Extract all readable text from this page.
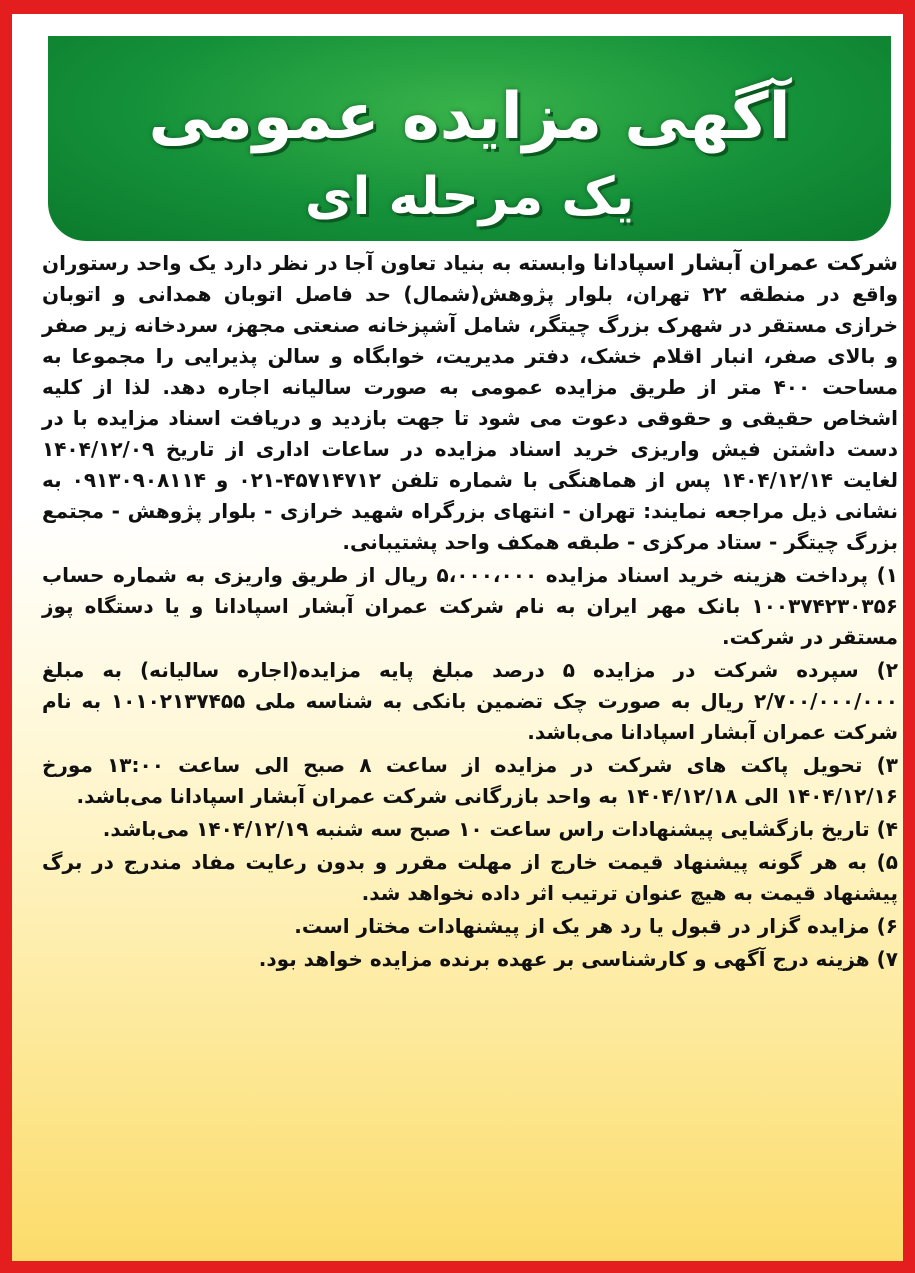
آگهی مزایده عمومی
یک مرحله ای

شرکت عمران آبشار اسپادانا وابسته به بنیاد تعاون آجا در نظر دارد یک واحد رستوران واقع در منطقه ۲۲ تهران، بلوار پژوهش(شمال) حد فاصل اتوبان همدانی و اتوبان خرازی مستقر در شهرک بزرگ چیتگر، شامل آشپزخانه صنعتی مجهز، سردخانه زیر صفر و بالای صفر، انبار اقلام خشک، دفتر مدیریت، خوابگاه و سالن پذیرایی را مجموعا به مساحت ۴۰۰ متر از طریق مزایده عمومی به صورت سالیانه اجاره دهد. لذا از کلیه اشخاص حقیقی و حقوقی دعوت می شود تا جهت بازدید و دریافت اسناد مزایده با در دست داشتن فیش واریزی خرید اسناد مزایده در ساعات اداری از تاریخ ۱۴۰۴/۱۲/۰۹ لغایت ۱۴۰۴/۱۲/۱۴ پس از هماهنگی با شماره تلفن ۴۵۷۱۴۷۱۲-۰۲۱ و ۰۹۱۳۰۹۰۸۱۱۴ به نشانی ذیل مراجعه نمایند: تهران - انتهای بزرگراه شهید خرازی - بلوار پژوهش - مجتمع بزرگ چیتگر - ستاد مرکزی - طبقه همکف واحد پشتیبانی.

۱) پرداخت هزینه خرید اسناد مزایده ۵،۰۰۰،۰۰۰ ریال از طریق واریزی به شماره حساب ۱۰۰۳۷۴۲۳۰۳۵۶ بانک مهر ایران به نام شرکت عمران آبشار اسپادانا و یا دستگاه پوز مستقر در شرکت.

۲) سپرده شرکت در مزایده ۵ درصد مبلغ پایه مزایده(اجاره سالیانه) به مبلغ ۲/۷۰۰/۰۰۰/۰۰۰ ریال به صورت چک تضمین بانکی به شناسه ملی ۱۰۱۰۲۱۳۷۴۵۵ به نام شرکت عمران آبشار اسپادانا می‌باشد.

۳) تحویل پاکت های شرکت در مزایده از ساعت ۸ صبح الی ساعت ۱۳:۰۰ مورخ ۱۴۰۴/۱۲/۱۶ الی ۱۴۰۴/۱۲/۱۸ به واحد بازرگانی شرکت عمران آبشار اسپادانا می‌باشد.

۴) تاریخ بازگشایی پیشنهادات راس ساعت ۱۰ صبح سه شنبه ۱۴۰۴/۱۲/۱۹ می‌باشد.

۵) به هر گونه پیشنهاد قیمت خارج از مهلت مقرر و بدون رعایت مفاد مندرج در برگ پیشنهاد قیمت به هیچ عنوان ترتیب اثر داده نخواهد شد.

۶) مزایده گزار در قبول یا رد هر یک از پیشنهادات مختار است.

۷) هزینه درج آگهی و کارشناسی بر عهده برنده مزایده خواهد بود.
